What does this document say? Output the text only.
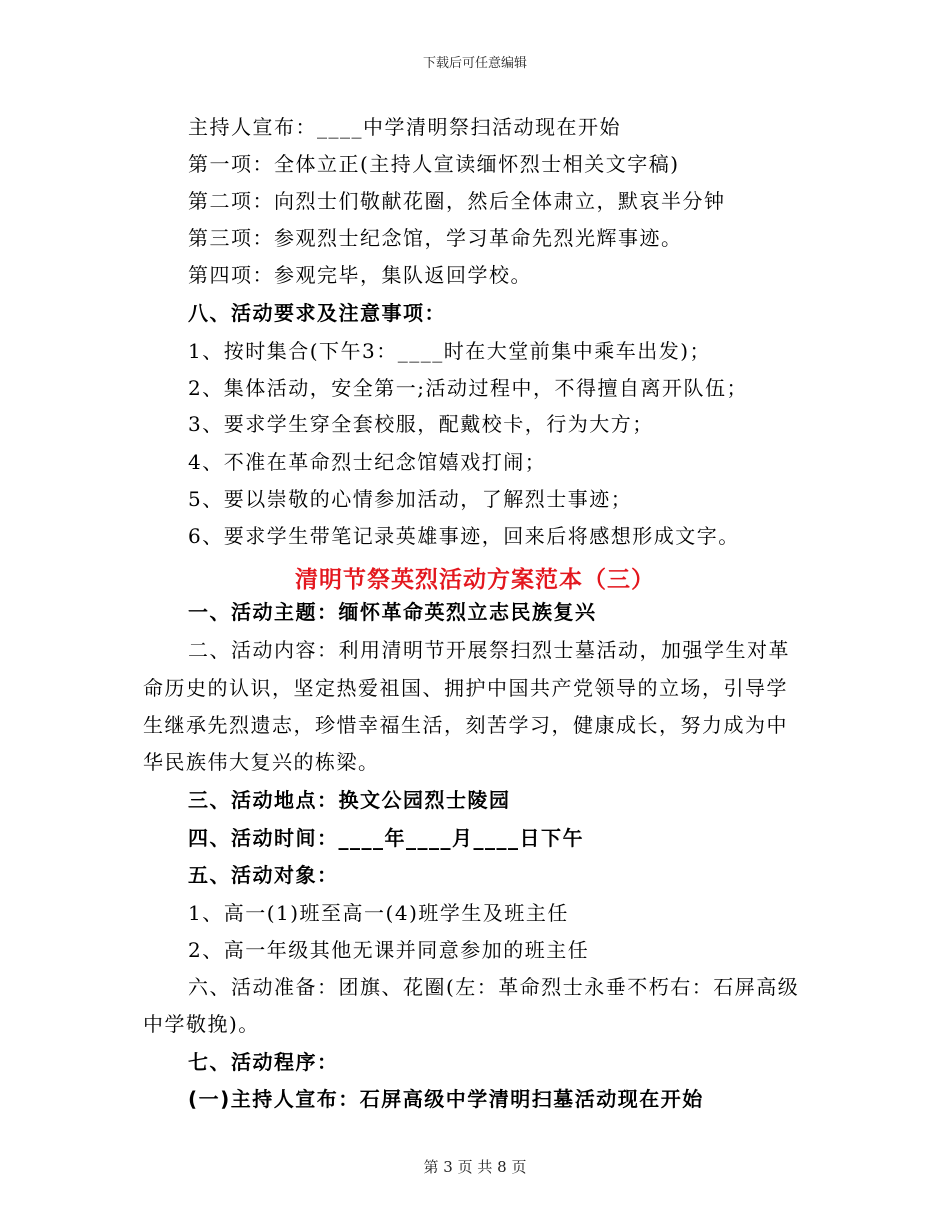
下载后可任意编辑
主持人宣布：____中学清明祭扫活动现在开始
第一项：全体立正(主持人宣读缅怀烈士相关文字稿)
第二项：向烈士们敬献花圈，然后全体肃立，默哀半分钟
第三项：参观烈士纪念馆，学习革命先烈光辉事迹。
第四项：参观完毕，集队返回学校。
八、活动要求及注意事项：
1、按时集合(下午3：____时在大堂前集中乘车出发)；
2、集体活动，安全第一;活动过程中，不得擅自离开队伍；
3、要求学生穿全套校服，配戴校卡，行为大方；
4、不准在革命烈士纪念馆嬉戏打闹；
5、要以崇敬的心情参加活动，了解烈士事迹；
6、要求学生带笔记录英雄事迹，回来后将感想形成文字。
清明节祭英烈活动方案范本（三）
一、活动主题：缅怀革命英烈立志民族复兴
二、活动内容：利用清明节开展祭扫烈士墓活动，加强学生对革
命历史的认识，坚定热爱祖国、拥护中国共产党领导的立场，引导学
生继承先烈遗志，珍惜幸福生活，刻苦学习，健康成长，努力成为中
华民族伟大复兴的栋梁。
三、活动地点：换文公园烈士陵园
四、活动时间：____年____月____日下午
五、活动对象：
1、高一(1)班至高一(4)班学生及班主任
2、高一年级其他无课并同意参加的班主任
六、活动准备：团旗、花圈(左：革命烈士永垂不朽右：石屏高级
中学敬挽)。
七、活动程序：
(一)主持人宣布：石屏高级中学清明扫墓活动现在开始
第 3 页 共 8 页
